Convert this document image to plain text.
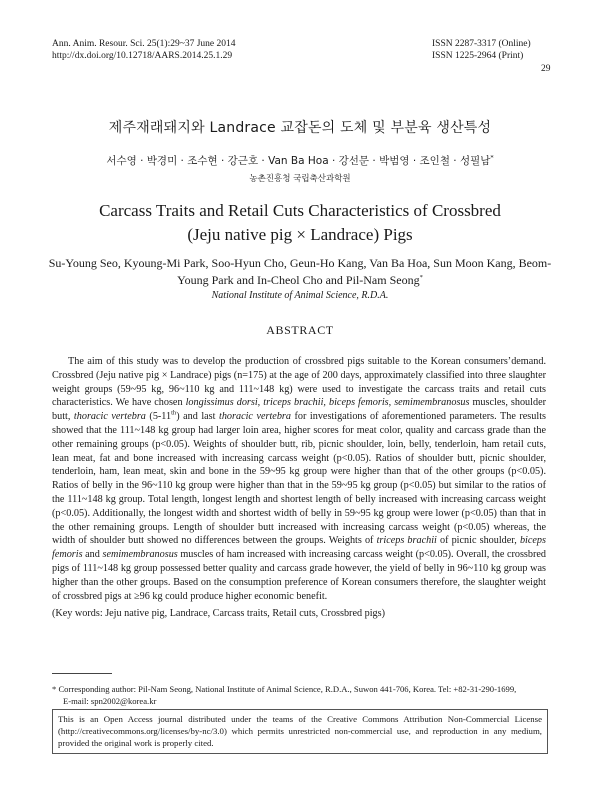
Ann. Anim. Resour. Sci. 25(1):29~37 June 2014
http://dx.doi.org/10.12718/AARS.2014.25.1.29
ISSN 2287-3317 (Online)
ISSN 1225-2964 (Print)
29
제주재래돼지와 Landrace 교잡돈의 도체 및 부분육 생산특성
서수영 · 박경미 · 조수현 · 강근호 · Van Ba Hoa · 강선문 · 박범영 · 조인철 · 성필남*
농촌진흥청 국립축산과학원
Carcass Traits and Retail Cuts Characteristics of Crossbred
(Jeju native pig × Landrace) Pigs
Su-Young Seo, Kyoung-Mi Park, Soo-Hyun Cho, Geun-Ho Kang, Van Ba Hoa, Sun Moon Kang, Beom-Young Park and In-Cheol Cho and Pil-Nam Seong*
National Institute of Animal Science, R.D.A.
ABSTRACT

The aim of this study was to develop the production of crossbred pigs suitable to the Korean consumers’demand. Crossbred (Jeju native pig × Landrace) pigs (n=175) at the age of 200 days, approximately classified into three slaughter weight groups (59~95 kg, 96~110 kg and 111~148 kg) were used to investigate the carcass traits and retail cuts characteristics. We have chosen longissimus dorsi, triceps brachii, biceps femoris, semimembranosus muscles, shoulder butt, thoracic vertebra (5-11th) and last thoracic vertebra for investigations of aforementioned parameters. The results showed that the 111~148 kg group had larger loin area, higher scores for meat color, quality and carcass grade than the other remaining groups (p<0.05). Weights of shoulder butt, rib, picnic shoulder, loin, belly, tenderloin, ham retail cuts, lean meat, fat and bone increased with increasing carcass weight (p<0.05). Ratios of shoulder butt, picnic shoulder, tenderloin, ham, lean meat, skin and bone in the 59~95 kg group were higher than that of the other groups (p<0.05). Ratios of belly in the 96~110 kg group were higher than that in the 59~95 kg group (p<0.05) but similar to the ratios of the 111~148 kg group. Total length, longest length and shortest length of belly increased with increasing carcass weight (p<0.05). Additionally, the longest width and shortest width of belly in 59~95 kg group were lower (p<0.05) than that in the other remaining groups. Length of shoulder butt increased with increasing carcass weight (p<0.05) whereas, the width of shoulder butt showed no differences between the groups. Weights of triceps brachii of picnic shoulder, biceps femoris and semimembranosus muscles of ham increased with increasing carcass weight (p<0.05). Overall, the crossbred pigs of 111~148 kg group possessed better quality and carcass grade however, the yield of belly in 96~110 kg group was higher than the other groups. Based on the consumption preference of Korean consumers therefore, the slaughter weight of crossbred pigs at ≥96 kg could produce higher economic benefit.

(Key words: Jeju native pig, Landrace, Carcass traits, Retail cuts, Crossbred pigs)
* Corresponding author: Pil-Nam Seong, National Institute of Animal Science, R.D.A., Suwon 441-706, Korea. Tel: +82-31-290-1699,
E-mail: spn2002@korea.kr
This is an Open Access journal distributed under the teams of the Creative Commons Attribution Non-Commercial License (http://creativecommons.org/licenses/by-nc/3.0) which permits unrestricted non-commercial use, and reproduction in any medium, provided the original work is properly cited.
